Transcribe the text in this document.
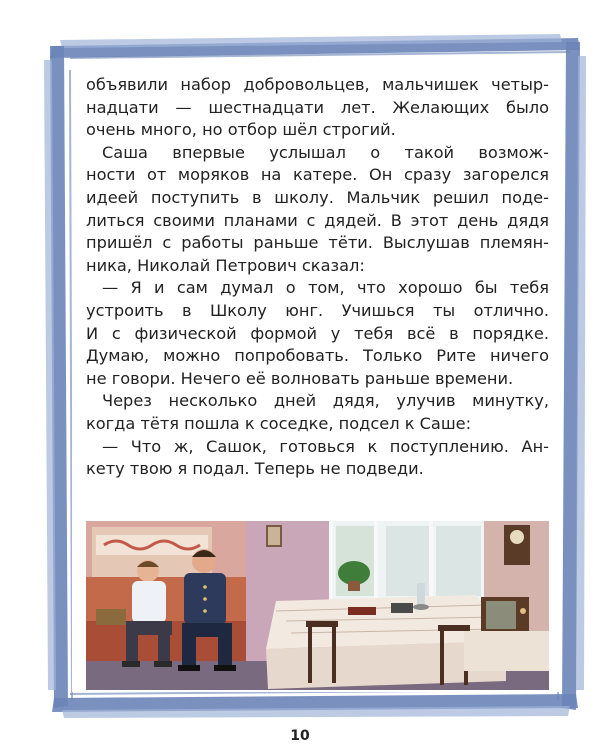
объявили набор добровольцев, мальчишек четыр-
надцати — шестнадцати лет. Желающих было
очень много, но отбор шёл строгий.
Саша впервые услышал о такой возмож-
ности от моряков на катере. Он сразу загорелся
идеей поступить в школу. Мальчик решил поде-
литься своими планами с дядей. В этот день дядя
пришёл с работы раньше тёти. Выслушав племян-
ника, Николай Петрович сказал:
— Я и сам думал о том, что хорошо бы тебя
устроить в Школу юнг. Учишься ты отлично.
И с физической формой у тебя всё в порядке.
Думаю, можно попробовать. Только Рите ничего
не говори. Нечего её волновать раньше времени.
Через несколько дней дядя, улучив минутку,
когда тётя пошла к соседке, подсел к Саше:
— Что ж, Сашок, готовься к поступлению. Ан-
кету твою я подал. Теперь не подведи.
10
